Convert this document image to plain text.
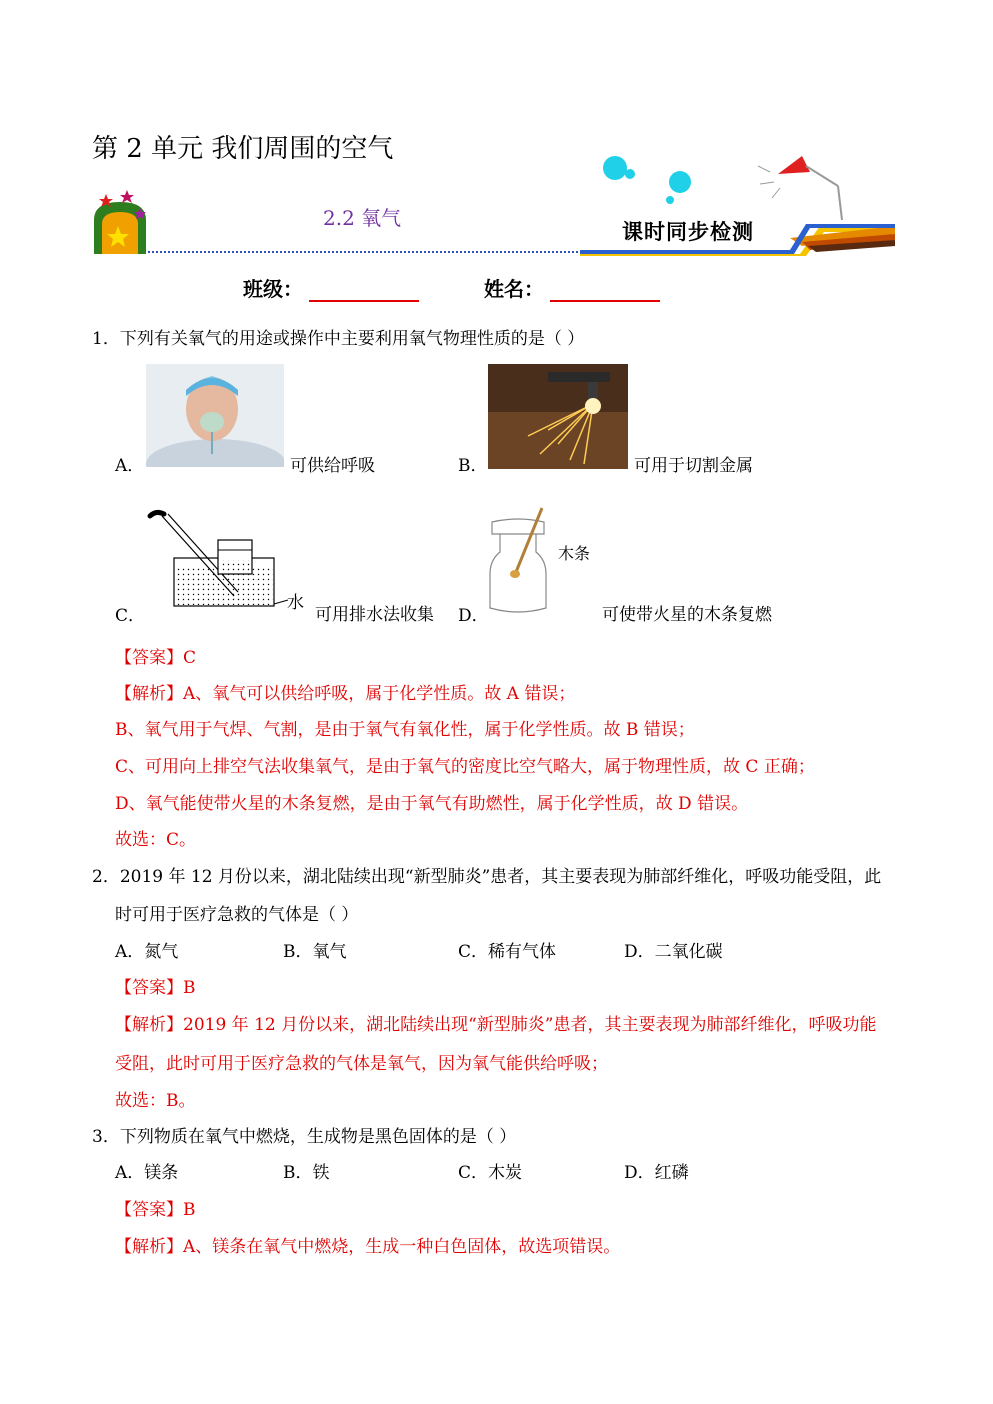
第 2 单元 我们周围的空气
2.2 氧气
课时同步检测
班级：	姓名：
1．下列有关氧气的用途或操作中主要利用氧气物理性质的是（ ）
A．	可供给呼吸	B．	可用于切割金属
水
C．	可用排水法收集
木条
D．	可使带火星的木条复燃
【答案】C
【解析】A、氧气可以供给呼吸，属于化学性质。故 A 错误；
B、氧气用于气焊、气割，是由于氧气有氧化性，属于化学性质。故 B 错误；
C、可用向上排空气法收集氧气，是由于氧气的密度比空气略大，属于物理性质，故 C 正确；
D、氧气能使带火星的木条复燃，是由于氧气有助燃性，属于化学性质，故 D 错误。
故选：C。
2．2019 年 12 月份以来，湖北陆续出现“新型肺炎”患者，其主要表现为肺部纤维化，呼吸功能受阻，此
时可用于医疗急救的气体是（ ）
A．氮气	B．氧气	C．稀有气体	D．二氧化碳
【答案】B
【解析】2019 年 12 月份以来，湖北陆续出现“新型肺炎”患者，其主要表现为肺部纤维化，呼吸功能
受阻，此时可用于医疗急救的气体是氧气，因为氧气能供给呼吸；
故选：B。
3．下列物质在氧气中燃烧，生成物是黑色固体的是（ ）
A．镁条	B．铁	C．木炭	D．红磷
【答案】B
【解析】A、镁条在氧气中燃烧，生成一种白色固体，故选项错误。
